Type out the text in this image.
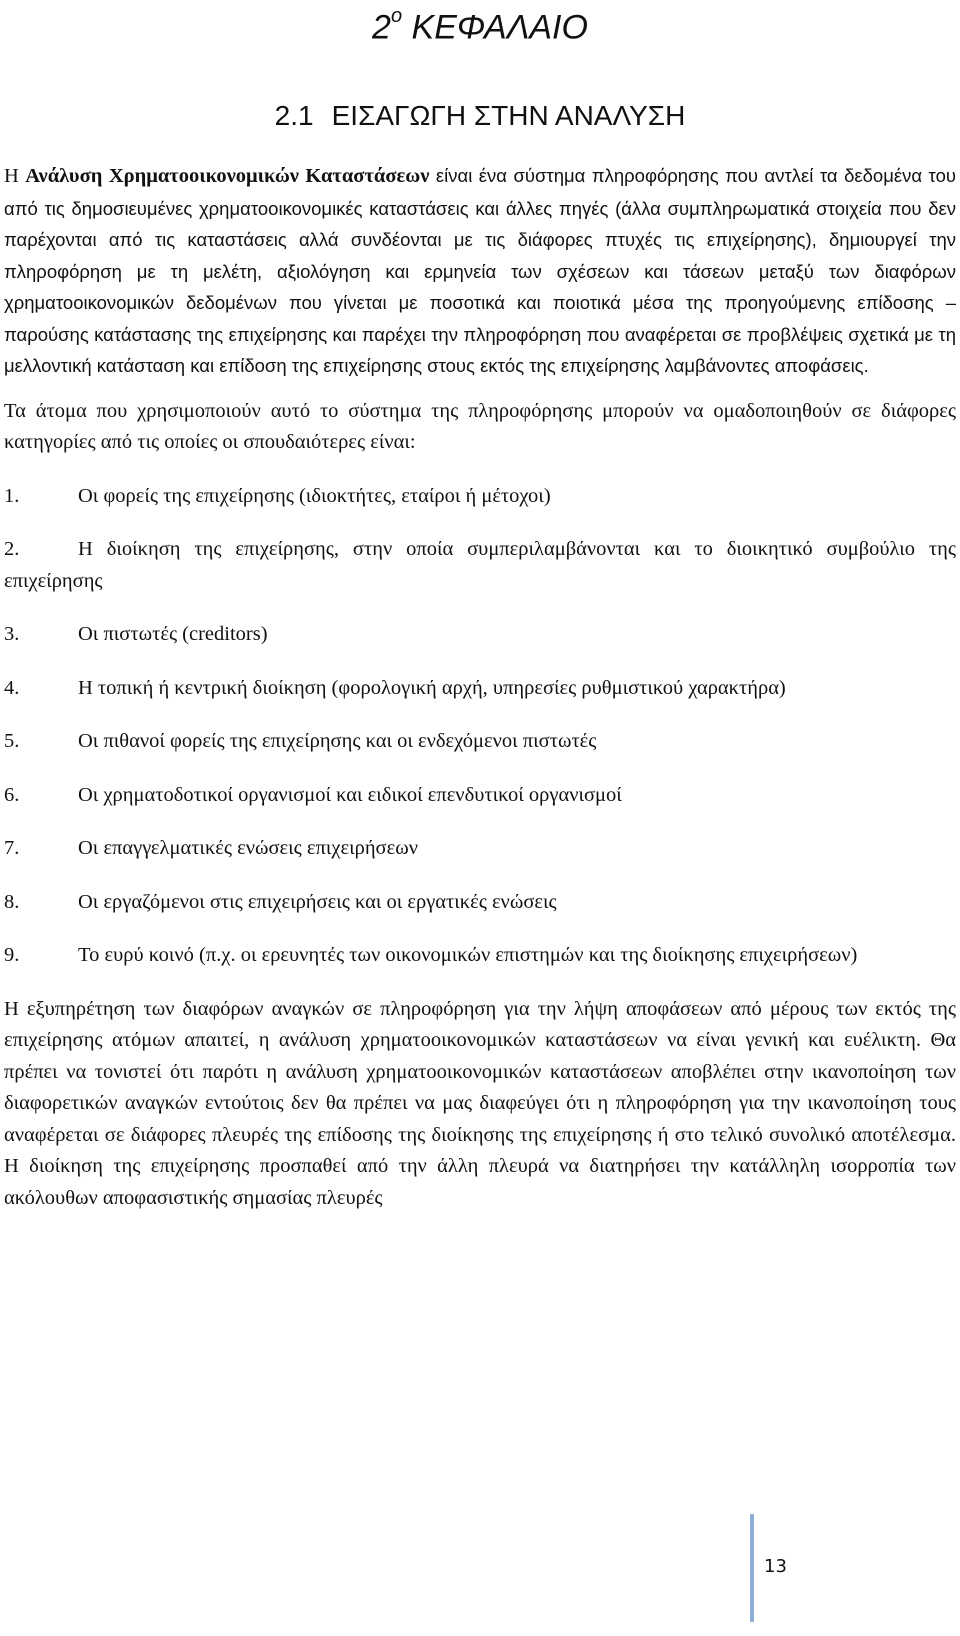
$2^o$ ΚΕΦΑΛΑΙΟ
2.1 ΕΙΣΑΓΩΓΗ ΣΤΗΝ ΑΝΑΛΥΣΗ

Η Ανάλυση Χρηματοοικονομικών Καταστάσεων είναι ένα σύστημα πληροφόρησης που αντλεί τα δεδομένα του από τις δημοσιευμένες χρηματοοικονομικές καταστάσεις και άλλες πηγές (άλλα συμπληρωματικά στοιχεία που δεν παρέχονται από τις καταστάσεις αλλά συνδέονται με τις διάφορες πτυχές τις επιχείρησης), δημιουργεί την πληροφόρηση με τη μελέτη, αξιολόγηση και ερμηνεία των σχέσεων και τάσεων μεταξύ των διαφόρων χρηματοοικονομικών δεδομένων που γίνεται με ποσοτικά και ποιοτικά μέσα της προηγούμενης επίδοσης – παρούσης κατάστασης της επιχείρησης και παρέχει την πληροφόρηση που αναφέρεται σε προβλέψεις σχετικά με τη μελλοντική κατάσταση και επίδοση της επιχείρησης στους εκτός της επιχείρησης λαμβάνοντες αποφάσεις.

Τα άτομα που χρησιμοποιούν αυτό το σύστημα της πληροφόρησης μπορούν να ομαδοποιηθούν σε διάφορες κατηγορίες από τις οποίες οι σπουδαιότερες είναι:

1.	Οι φορείς της επιχείρησης (ιδιοκτήτες, εταίροι ή μέτοχοι)

2.	Η διοίκηση της επιχείρησης, στην οποία συμπεριλαμβάνονται και το διοικητικό συμβούλιο της επιχείρησης

3.	Οι πιστωτές (creditors)

4.	Η τοπική ή κεντρική διοίκηση (φορολογική αρχή, υπηρεσίες ρυθμιστικού χαρακτήρα)

5.	Οι πιθανοί φορείς της επιχείρησης και οι ενδεχόμενοι πιστωτές

6.	Οι χρηματοδοτικοί οργανισμοί και ειδικοί επενδυτικοί οργανισμοί

7.	Οι επαγγελματικές ενώσεις επιχειρήσεων

8.	Οι εργαζόμενοι στις επιχειρήσεις και οι εργατικές ενώσεις

9.	Το ευρύ κοινό (π.χ. οι ερευνητές των οικονομικών επιστημών και της διοίκησης επιχειρήσεων)

Η εξυπηρέτηση των διαφόρων αναγκών σε πληροφόρηση για την λήψη αποφάσεων από μέρους των εκτός της επιχείρησης ατόμων απαιτεί, η ανάλυση χρηματοοικονομικών καταστάσεων να είναι γενική και ευέλικτη. Θα πρέπει να τονιστεί ότι παρότι η ανάλυση χρηματοοικονομικών καταστάσεων αποβλέπει στην ικανοποίηση των διαφορετικών αναγκών εντούτοις δεν θα πρέπει να μας διαφεύγει ότι η πληροφόρηση για την ικανοποίηση τους αναφέρεται σε διάφορες πλευρές της επίδοσης της διοίκησης της επιχείρησης ή στο τελικό συνολικό αποτέλεσμα. Η διοίκηση της επιχείρησης προσπαθεί από την άλλη πλευρά να διατηρήσει την κατάλληλη ισορροπία των ακόλουθων αποφασιστικής σημασίας πλευρές

13
